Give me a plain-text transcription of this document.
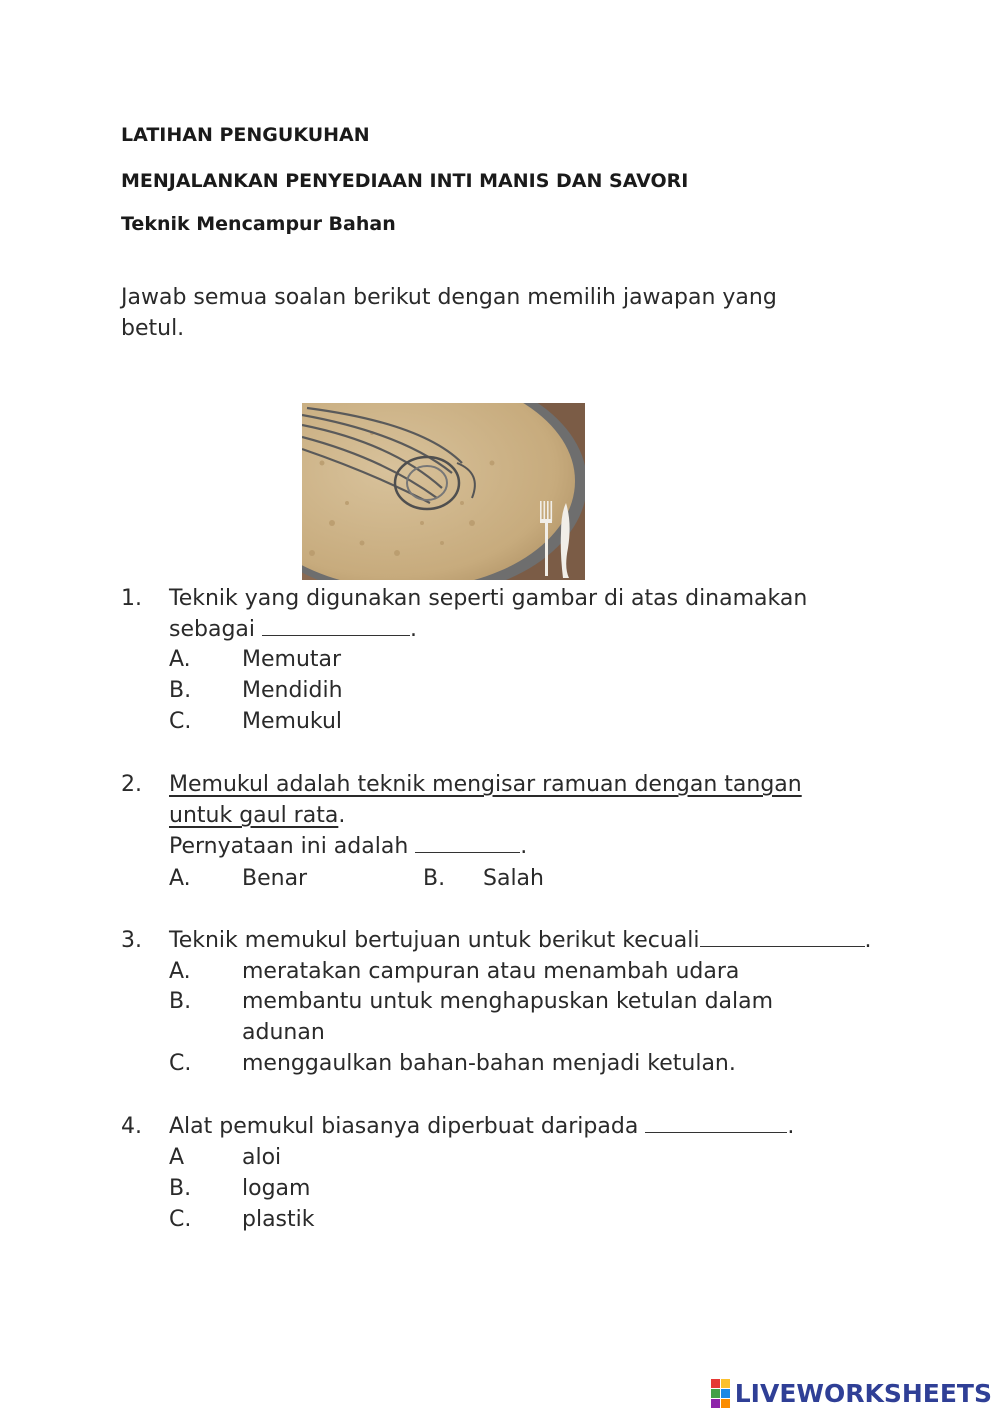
LATIHAN PENGUKUHAN
MENJALANKAN PENYEDIAAN INTI MANIS DAN SAVORI
Teknik Mencampur Bahan
Jawab semua soalan berikut dengan memilih jawapan yang
betul.
1. Teknik yang digunakan seperti gambar di atas dinamakan
sebagai	.
A. Memutar
B. Mendidih
C. Memukul
2. Memukul adalah teknik mengisar ramuan dengan tangan
untuk gaul rata.
Pernyataan ini adalah	.
A. Benar	B. Salah
3. Teknik memukul bertujuan untuk berikut kecuali	.
A. meratakan campuran atau menambah udara
B. membantu untuk menghapuskan ketulan dalam
adunan
C. menggaulkan bahan-bahan menjadi ketulan.
4. Alat pemukul biasanya diperbuat daripada	.
A	aloi
B. logam
C. plastik
LIVEWORKSHEETS
